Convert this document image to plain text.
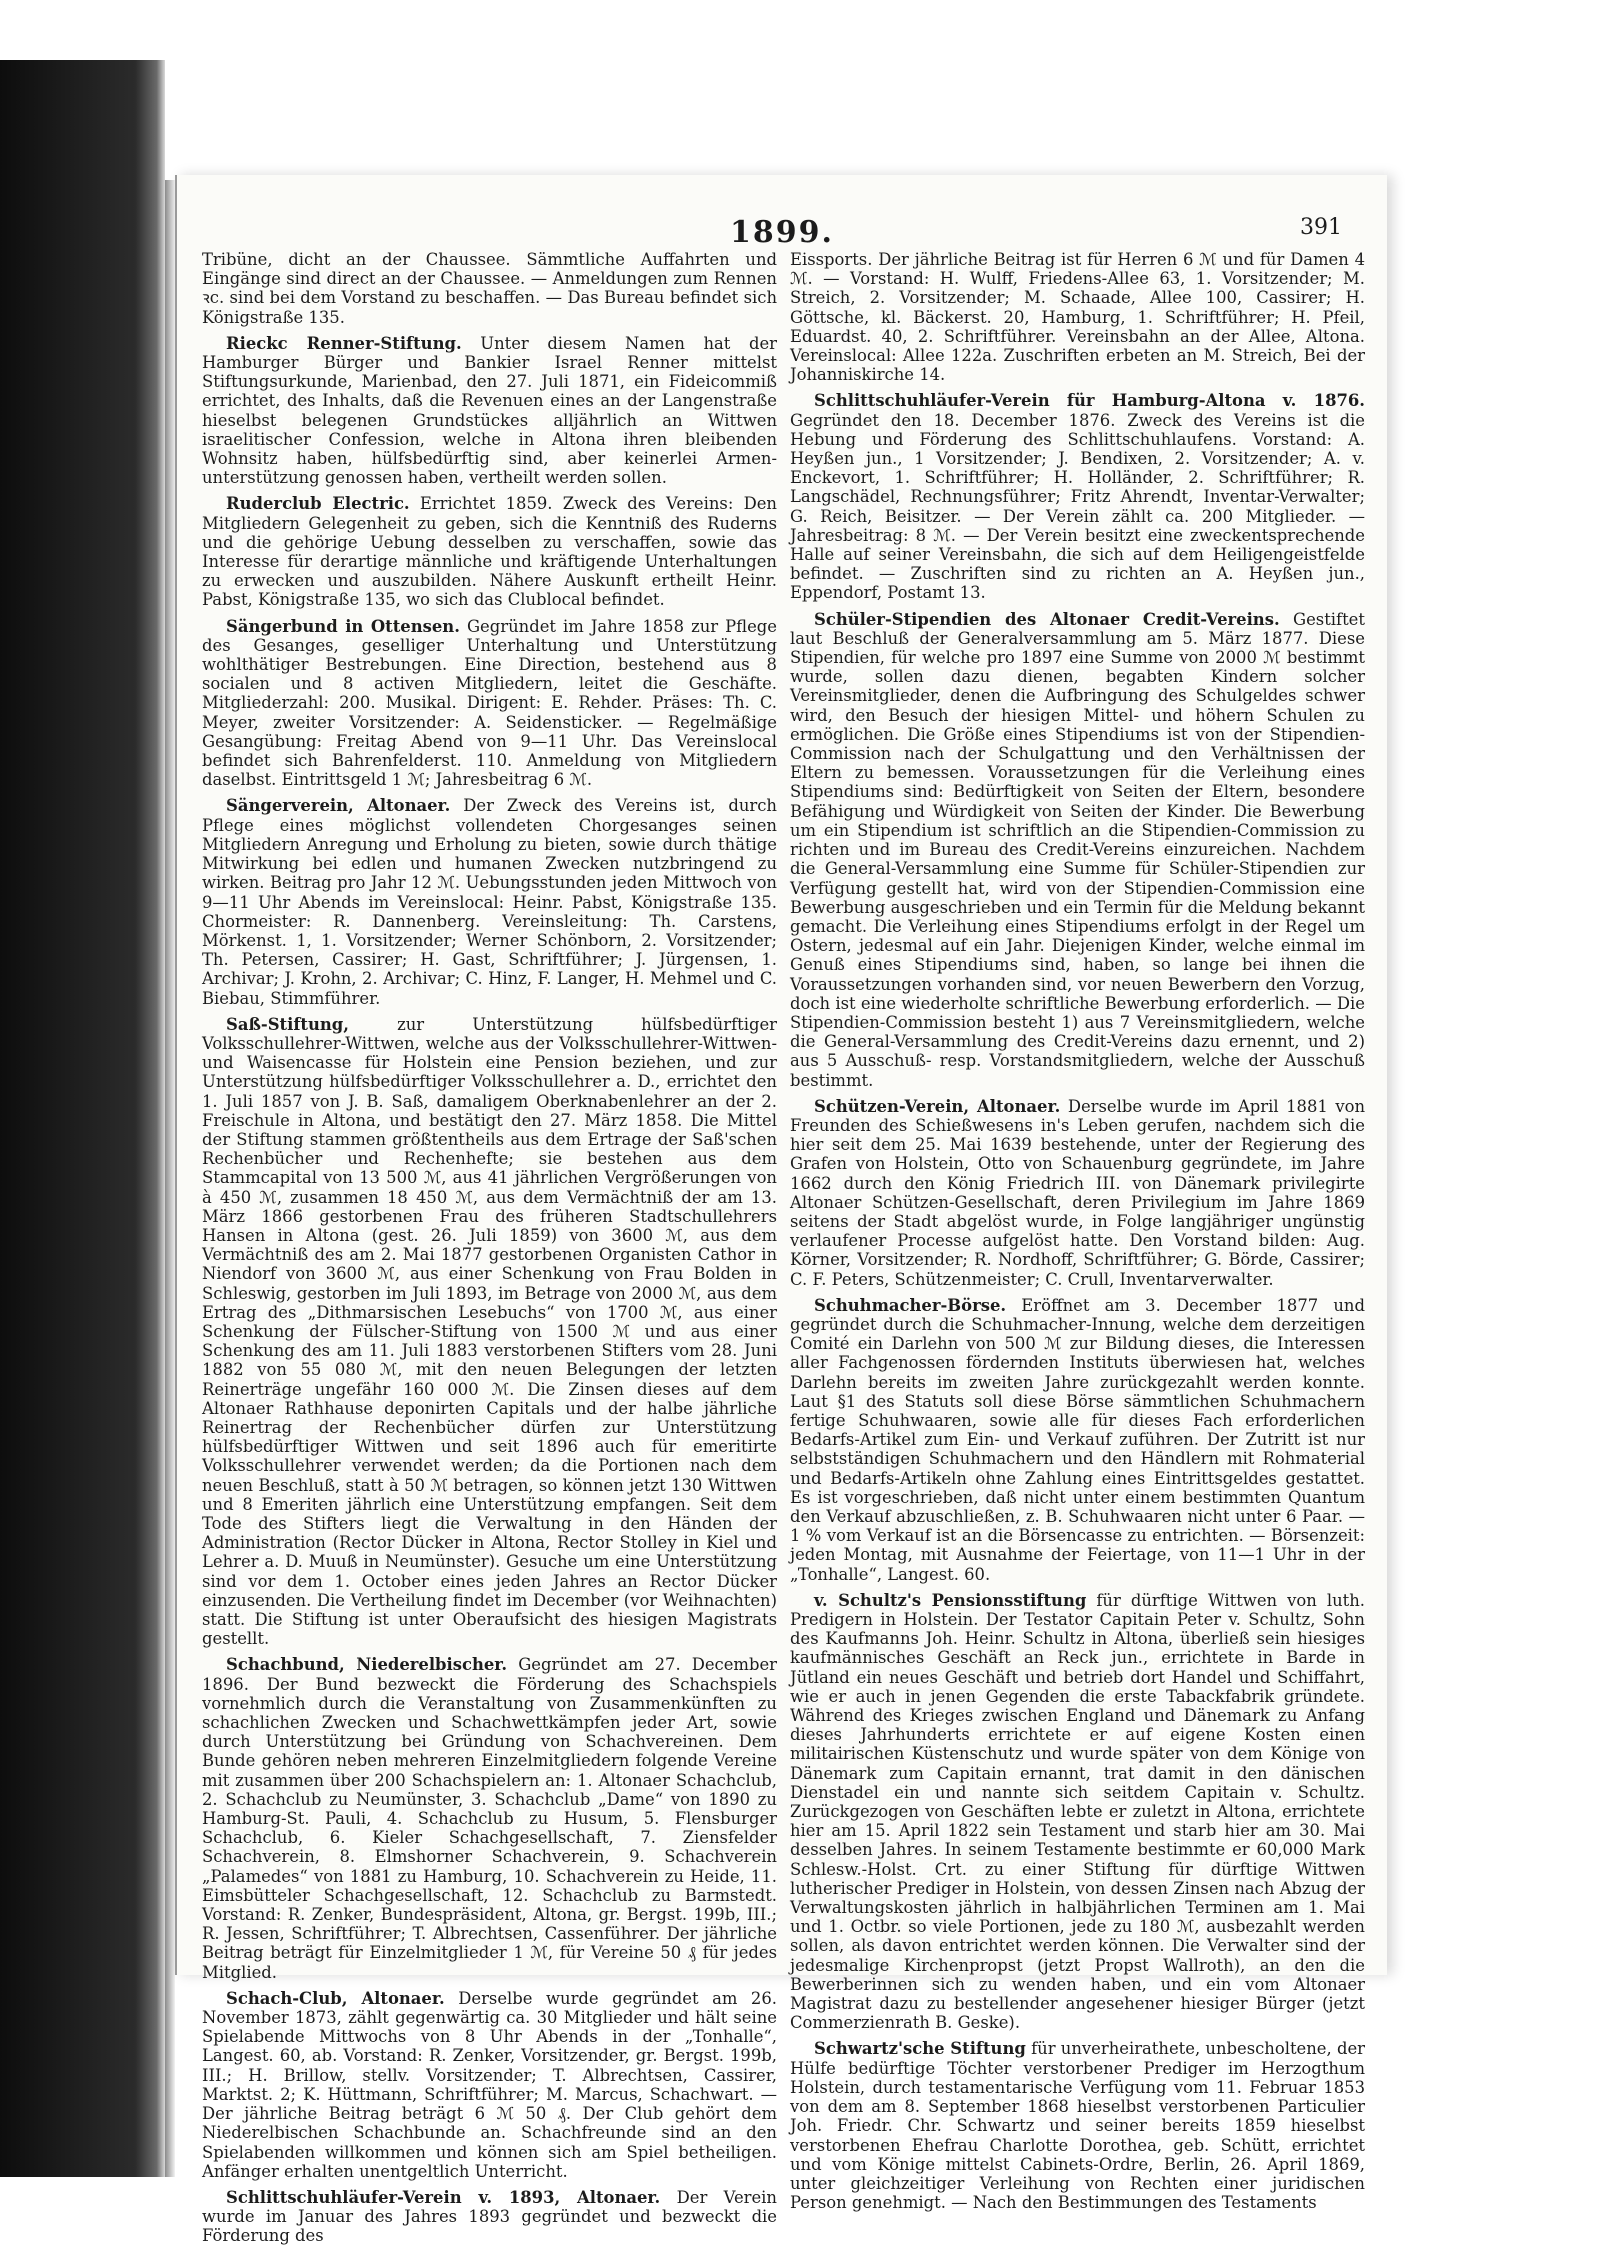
1899.	391

Tribüne, dicht an der Chaussee. Sämmtliche Auffahrten und Eingänge sind direct an der Chaussee. — Anmeldungen zum Rennen ꝛc. sind bei dem Vorstand zu beschaffen. — Das Bureau befindet sich Königstraße 135.

Rieckc Renner-Stiftung. Unter diesem Namen hat der Hamburger Bürger und Bankier Israel Renner mittelst Stiftungsurkunde, Marienbad, den 27. Juli 1871, ein Fideicommiß errichtet, des Inhalts, daß die Revenuen eines an der Langenstraße hieselbst belegenen Grundstückes alljährlich an Wittwen israelitischer Confession, welche in Altona ihren bleibenden Wohnsitz haben, hülfsbedürftig sind, aber keinerlei Armen-unterstützung genossen haben, vertheilt werden sollen.

Ruderclub Electric. Errichtet 1859. Zweck des Vereins: Den Mitgliedern Gelegenheit zu geben, sich die Kenntniß des Ruderns und die gehörige Uebung desselben zu verschaffen, sowie das Interesse für derartige männliche und kräftigende Unterhaltungen zu erwecken und auszubilden. Nähere Auskunft ertheilt Heinr. Pabst, Königstraße 135, wo sich das Clublocal befindet.

Sängerbund in Ottensen. Gegründet im Jahre 1858 zur Pflege des Gesanges, geselliger Unterhaltung und Unterstützung wohlthätiger Bestrebungen. Eine Direction, bestehend aus 8 socialen und 8 activen Mitgliedern, leitet die Geschäfte. Mitgliederzahl: 200. Musikal. Dirigent: E. Rehder. Präses: Th. C. Meyer, zweiter Vorsitzender: A. Seidensticker. — Regelmäßige Gesangübung: Freitag Abend von 9—11 Uhr. Das Vereinslocal befindet sich Bahrenfelderst. 110. Anmeldung von Mitgliedern daselbst. Eintrittsgeld 1 ℳ; Jahresbeitrag 6 ℳ.

Sängerverein, Altonaer. Der Zweck des Vereins ist, durch Pflege eines möglichst vollendeten Chorgesanges seinen Mitgliedern Anregung und Erholung zu bieten, sowie durch thätige Mitwirkung bei edlen und humanen Zwecken nutzbringend zu wirken. Beitrag pro Jahr 12 ℳ. Uebungsstunden jeden Mittwoch von 9—11 Uhr Abends im Vereinslocal: Heinr. Pabst, Königstraße 135. Chormeister: R. Dannenberg. Vereinsleitung: Th. Carstens, Mörkenst. 1, 1. Vorsitzender; Werner Schönborn, 2. Vorsitzender; Th. Petersen, Cassirer; H. Gast, Schriftführer; J. Jürgensen, 1. Archivar; J. Krohn, 2. Archivar; C. Hinz, F. Langer, H. Mehmel und C. Biebau, Stimmführer.

Saß-Stiftung,	zur Unterstützung hülfsbedürftiger Volksschullehrer-Wittwen, welche aus der Volksschullehrer-Wittwen- und Waisencasse für Holstein eine Pension beziehen, und zur Unterstützung hülfsbedürftiger Volksschullehrer a. D., errichtet den 1. Juli 1857 von J. B. Saß, damaligem Oberknabenlehrer an der 2. Freischule in Altona, und bestätigt den 27. März 1858. Die Mittel der Stiftung stammen größtentheils aus dem Ertrage der Saß'schen Rechenbücher und Rechenhefte; sie bestehen aus dem Stammcapital von 13 500 ℳ, aus 41 jährlichen Vergrößerungen von à 450 ℳ, zusammen 18 450 ℳ, aus dem Vermächtniß der am 13. März 1866 gestorbenen Frau des früheren Stadtschullehrers Hansen in Altona (gest. 26. Juli 1859) von 3600 ℳ, aus dem Vermächtniß des am 2. Mai 1877 gestorbenen Organisten Cathor in Niendorf von 3600 ℳ, aus einer Schenkung von Frau Bolden in Schleswig, gestorben im Juli 1893, im Betrage von 2000 ℳ, aus dem Ertrag des „Dithmarsischen Lesebuchs“ von 1700 ℳ, aus einer Schenkung der Fülscher-Stiftung von 1500 ℳ und aus einer Schenkung des am 11. Juli 1883 verstorbenen Stifters vom 28. Juni 1882 von 55 080 ℳ, mit den neuen Belegungen der letzten Reinerträge ungefähr 160 000 ℳ. Die Zinsen dieses auf dem Altonaer Rathhause deponirten Capitals und der halbe jährliche Reinertrag der Rechenbücher dürfen zur Unterstützung hülfsbedürftiger Wittwen und seit 1896 auch für emeritirte Volksschullehrer verwendet werden; da die Portionen nach dem neuen Beschluß, statt à 50 ℳ betragen, so können jetzt 130 Wittwen und 8 Emeriten jährlich eine Unterstützung empfangen. Seit dem Tode des Stifters liegt die Verwaltung in den Händen der Administration (Rector Dücker in Altona, Rector Stolley in Kiel und Lehrer a. D. Muuß in Neumünster). Gesuche um eine Unterstützung sind vor dem 1. October eines jeden Jahres an Rector Dücker einzusenden. Die Vertheilung findet im December (vor Weihnachten) statt. Die Stiftung ist unter Oberaufsicht des hiesigen Magistrats gestellt.

Schachbund, Niederelbischer. Gegründet am 27. December 1896. Der Bund bezweckt die Förderung des Schachspiels vornehmlich durch die Veranstaltung von Zusammenkünften zu schachlichen Zwecken und Schachwettkämpfen jeder Art, sowie durch Unterstützung bei Gründung von Schachvereinen. Dem Bunde gehören neben mehreren Einzelmitgliedern folgende Vereine mit zusammen über 200 Schachspielern an: 1. Altonaer Schachclub, 2. Schachclub zu Neumünster, 3. Schachclub „Dame“ von 1890 zu Hamburg-St. Pauli, 4. Schachclub zu Husum, 5. Flensburger Schachclub, 6. Kieler Schachgesellschaft, 7. Ziensfelder Schachverein, 8. Elmshorner Schachverein, 9. Schachverein „Palamedes“ von 1881 zu Hamburg, 10. Schachverein zu Heide, 11. Eimsbütteler Schachgesellschaft, 12. Schachclub zu Barmstedt. Vorstand: R. Zenker, Bundespräsident, Altona, gr. Bergst. 199b, III.; R. Jessen, Schriftführer; T. Albrechtsen, Cassenführer. Der jährliche Beitrag beträgt für Einzelmitglieder 1 ℳ, für Vereine 50 ₰ für jedes Mitglied.

Schach-Club, Altonaer. Derselbe wurde gegründet am 26. November 1873, zählt gegenwärtig ca. 30 Mitglieder und hält seine Spielabende Mittwochs von 8 Uhr Abends in der „Tonhalle“, Langest. 60, ab. Vorstand: R. Zenker, Vorsitzender, gr. Bergst. 199b, III.; H. Brillow, stellv. Vorsitzender; T. Albrechtsen, Cassirer, Marktst. 2; K. Hüttmann, Schriftführer; M. Marcus, Schachwart. — Der jährliche Beitrag beträgt 6 ℳ 50 ₰. Der Club gehört dem Niederelbischen Schachbunde an. Schachfreunde sind an den Spielabenden willkommen und können sich am Spiel betheiligen. Anfänger erhalten unentgeltlich Unterricht.

Schlittschuhläufer-Verein v. 1893, Altonaer. Der Verein wurde im Januar des Jahres 1893 gegründet und bezweckt die Förderung des

Eissports. Der jährliche Beitrag ist für Herren 6 ℳ und für Damen 4 ℳ. — Vorstand: H. Wulff, Friedens-Allee 63, 1. Vorsitzender; M. Streich, 2. Vorsitzender; M. Schaade, Allee 100, Cassirer; H. Göttsche, kl. Bäckerst. 20, Hamburg, 1. Schriftführer; H. Pfeil, Eduardst. 40, 2. Schriftführer. Vereinsbahn an der Allee, Altona. Vereinslocal: Allee 122a. Zuschriften erbeten an M. Streich, Bei der Johanniskirche 14.

Schlittschuhläufer-Verein für Hamburg-Altona v. 1876. Gegründet den 18. December 1876. Zweck des Vereins ist die Hebung und Förderung des Schlittschuhlaufens. Vorstand: A. Heyßen jun., 1 Vorsitzender; J. Bendixen, 2. Vorsitzender; A. v. Enckevort, 1. Schriftführer; H. Holländer, 2. Schriftführer; R. Langschädel, Rechnungsführer; Fritz Ahrendt, Inventar-Verwalter; G. Reich, Beisitzer. — Der Verein zählt ca. 200 Mitglieder. — Jahresbeitrag: 8 ℳ. — Der Verein besitzt eine zweckentsprechende Halle auf seiner Vereinsbahn, die sich auf dem Heiligengeistfelde befindet. — Zuschriften sind zu richten an A. Heyßen jun., Eppendorf, Postamt 13.

Schüler-Stipendien des Altonaer Credit-Vereins. Gestiftet laut Beschluß der Generalversammlung am 5. März 1877. Diese Stipendien, für welche pro 1897 eine Summe von 2000 ℳ bestimmt wurde, sollen dazu dienen, begabten Kindern solcher Vereinsmitglieder, denen die Aufbringung des Schulgeldes schwer wird, den Besuch der hiesigen Mittel- und höhern Schulen zu ermöglichen. Die Größe eines Stipendiums ist von der Stipendien-Commission nach der Schulgattung und den Verhältnissen der Eltern zu bemessen. Voraussetzungen für die Verleihung eines Stipendiums sind: Bedürftigkeit von Seiten der Eltern, besondere Befähigung und Würdigkeit von Seiten der Kinder. Die Bewerbung um ein Stipendium ist schriftlich an die Stipendien-Commission zu richten und im Bureau des Credit-Vereins einzureichen. Nachdem die General-Versammlung eine Summe für Schüler-Stipendien zur Verfügung gestellt hat, wird von der Stipendien-Commission eine Bewerbung ausgeschrieben und ein Termin für die Meldung bekannt gemacht. Die Verleihung eines Stipendiums erfolgt in der Regel um Ostern, jedesmal auf ein Jahr. Diejenigen Kinder, welche einmal im Genuß eines Stipendiums sind, haben, so lange bei ihnen die Voraussetzungen vorhanden sind, vor neuen Bewerbern den Vorzug, doch ist eine wiederholte schriftliche Bewerbung erforderlich. — Die Stipendien-Commission besteht 1) aus 7 Vereinsmitgliedern, welche die General-Versammlung des Credit-Vereins dazu ernennt, und 2) aus 5 Ausschuß- resp. Vorstandsmitgliedern, welche der Ausschuß bestimmt.

Schützen-Verein, Altonaer. Derselbe wurde im April 1881 von Freunden des Schießwesens in's Leben gerufen, nachdem sich die hier seit dem 25. Mai 1639 bestehende, unter der Regierung des Grafen von Holstein, Otto von Schauenburg gegründete, im Jahre 1662 durch den König Friedrich III. von Dänemark privilegirte Altonaer Schützen-Gesellschaft, deren Privilegium im Jahre 1869 seitens der Stadt abgelöst wurde, in Folge langjähriger ungünstig verlaufener Processe aufgelöst hatte. Den Vorstand bilden: Aug. Körner, Vorsitzender; R. Nordhoff, Schriftführer; G. Börde, Cassirer; C. F. Peters, Schützenmeister; C. Crull, Inventarverwalter.

Schuhmacher-Börse. Eröffnet am 3. December 1877 und gegründet durch die Schuhmacher-Innung, welche dem derzeitigen Comité ein Darlehn von 500 ℳ zur Bildung dieses, die Interessen aller Fachgenossen fördernden Instituts überwiesen hat, welches Darlehn bereits im zweiten Jahre zurückgezahlt werden konnte. Laut §1 des Statuts soll diese Börse sämmtlichen Schuhmachern fertige Schuhwaaren, sowie alle für dieses Fach erforderlichen Bedarfs-Artikel zum Ein- und Verkauf zuführen. Der Zutritt ist nur selbstständigen Schuhmachern und den Händlern mit Rohmaterial und Bedarfs-Artikeln ohne Zahlung eines Eintrittsgeldes gestattet. Es ist vorgeschrieben, daß nicht unter einem bestimmten Quantum den Verkauf abzuschließen, z. B. Schuhwaaren nicht unter 6 Paar. — 1 % vom Verkauf ist an die Börsencasse zu entrichten. — Börsenzeit: jeden Montag, mit Ausnahme der Feiertage, von 11—1 Uhr in der „Tonhalle“, Langest. 60.

v. Schultz's Pensionsstiftung für dürftige Wittwen von luth. Predigern in Holstein. Der Testator Capitain Peter v. Schultz, Sohn des Kaufmanns Joh. Heinr. Schultz in Altona, überließ sein hiesiges kaufmännisches Geschäft an Reck jun., errichtete in Barde in Jütland ein neues Geschäft und betrieb dort Handel und Schiffahrt, wie er auch in jenen Gegenden die erste Tabackfabrik gründete. Während des Krieges zwischen England und Dänemark zu Anfang dieses Jahrhunderts errichtete er auf eigene Kosten einen militairischen Küstenschutz und wurde später von dem Könige von Dänemark zum Capitain ernannt, trat damit in den dänischen Dienstadel ein und nannte sich seitdem Capitain v. Schultz. Zurückgezogen von Geschäften lebte er zuletzt in Altona, errichtete hier am 15. April 1822 sein Testament und starb hier am 30. Mai desselben Jahres. In seinem Testamente bestimmte er 60,000 Mark Schlesw.-Holst. Crt. zu einer Stiftung für dürftige Wittwen lutherischer Prediger in Holstein, von dessen Zinsen nach Abzug der Verwaltungskosten jährlich in halbjährlichen Terminen am 1. Mai und 1. Octbr. so viele Portionen, jede zu 180 ℳ, ausbezahlt werden sollen, als davon entrichtet werden können. Die Verwalter sind der jedesmalige Kirchenpropst (jetzt Propst Wallroth), an den die Bewerberinnen sich zu wenden haben, und ein vom Altonaer Magistrat dazu zu bestellender angesehener hiesiger Bürger (jetzt Commerzienrath B. Geske).

Schwartz'sche Stiftung für unverheirathete, unbescholtene, der Hülfe bedürftige Töchter verstorbener Prediger im Herzogthum Holstein, durch testamentarische Verfügung vom 11. Februar 1853 von dem am 8. September 1868 hieselbst verstorbenen Particulier Joh. Friedr. Chr. Schwartz und seiner bereits 1859 hieselbst verstorbenen Ehefrau Charlotte Dorothea, geb. Schütt, errichtet und vom Könige mittelst Cabinets-Ordre, Berlin, 26. April 1869, unter gleichzeitiger Verleihung von Rechten einer juridischen Person genehmigt. — Nach den Bestimmungen des Testaments
